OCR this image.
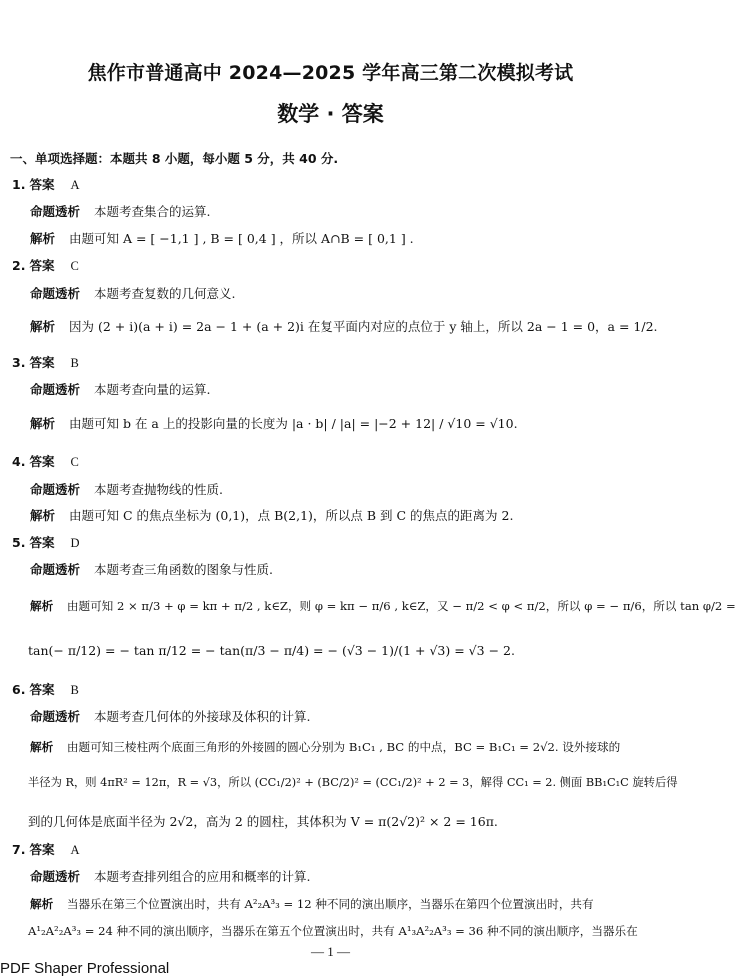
焦作市普通高中 2024—2025 学年高三第二次模拟考试
数学 · 答案
一、单项选择题：本题共 8 小题，每小题 5 分，共 40 分.
1. 答案 A
命题透析 本题考查集合的运算.
解析 由题可知 A = [ −1,1 ] , B = [ 0,4 ] ，所以 A∩B = [ 0,1 ] .
2. 答案 C
命题透析 本题考查复数的几何意义.
解析 因为 (2 + i)(a + i) = 2a − 1 + (a + 2)i 在复平面内对应的点位于 y 轴上，所以 2a − 1 = 0，a = 1/2.
3. 答案 B
命题透析 本题考查向量的运算.
解析 由题可知 b 在 a 上的投影向量的长度为 |a · b| / |a| = |−2 + 12| / √10 = √10.
4. 答案 C
命题透析 本题考查抛物线的性质.
解析 由题可知 C 的焦点坐标为 (0,1)，点 B(2,1)，所以点 B 到 C 的焦点的距离为 2.
5. 答案 D
命题透析 本题考查三角函数的图象与性质.
解析 由题可知 2 × π/3 + φ = kπ + π/2 , k∈Z，则 φ = kπ − π/6 , k∈Z，又 − π/2 < φ < π/2，所以 φ = − π/6，所以 tan φ/2 =
tan(− π/12) = − tan π/12 = − tan(π/3 − π/4) = − (√3 − 1)/(1 + √3) = √3 − 2.
6. 答案 B
命题透析 本题考查几何体的外接球及体积的计算.
解析 由题可知三棱柱两个底面三角形的外接圆的圆心分别为 B₁C₁ , BC 的中点，BC = B₁C₁ = 2√2. 设外接球的
半径为 R，则 4πR² = 12π，R = √3，所以 (CC₁/2)² + (BC/2)² = (CC₁/2)² + 2 = 3，解得 CC₁ = 2. 侧面 BB₁C₁C 旋转后得
到的几何体是底面半径为 2√2，高为 2 的圆柱，其体积为 V = π(2√2)² × 2 = 16π.
7. 答案 A
命题透析 本题考查排列组合的应用和概率的计算.
解析 当器乐在第三个位置演出时，共有 A²₂A³₃ = 12 种不同的演出顺序，当器乐在第四个位置演出时，共有
A¹₂A²₂A³₃ = 24 种不同的演出顺序，当器乐在第五个位置演出时，共有 A¹₃A²₂A³₃ = 36 种不同的演出顺序，当器乐在
— 1 —
PDF Shaper Professional
